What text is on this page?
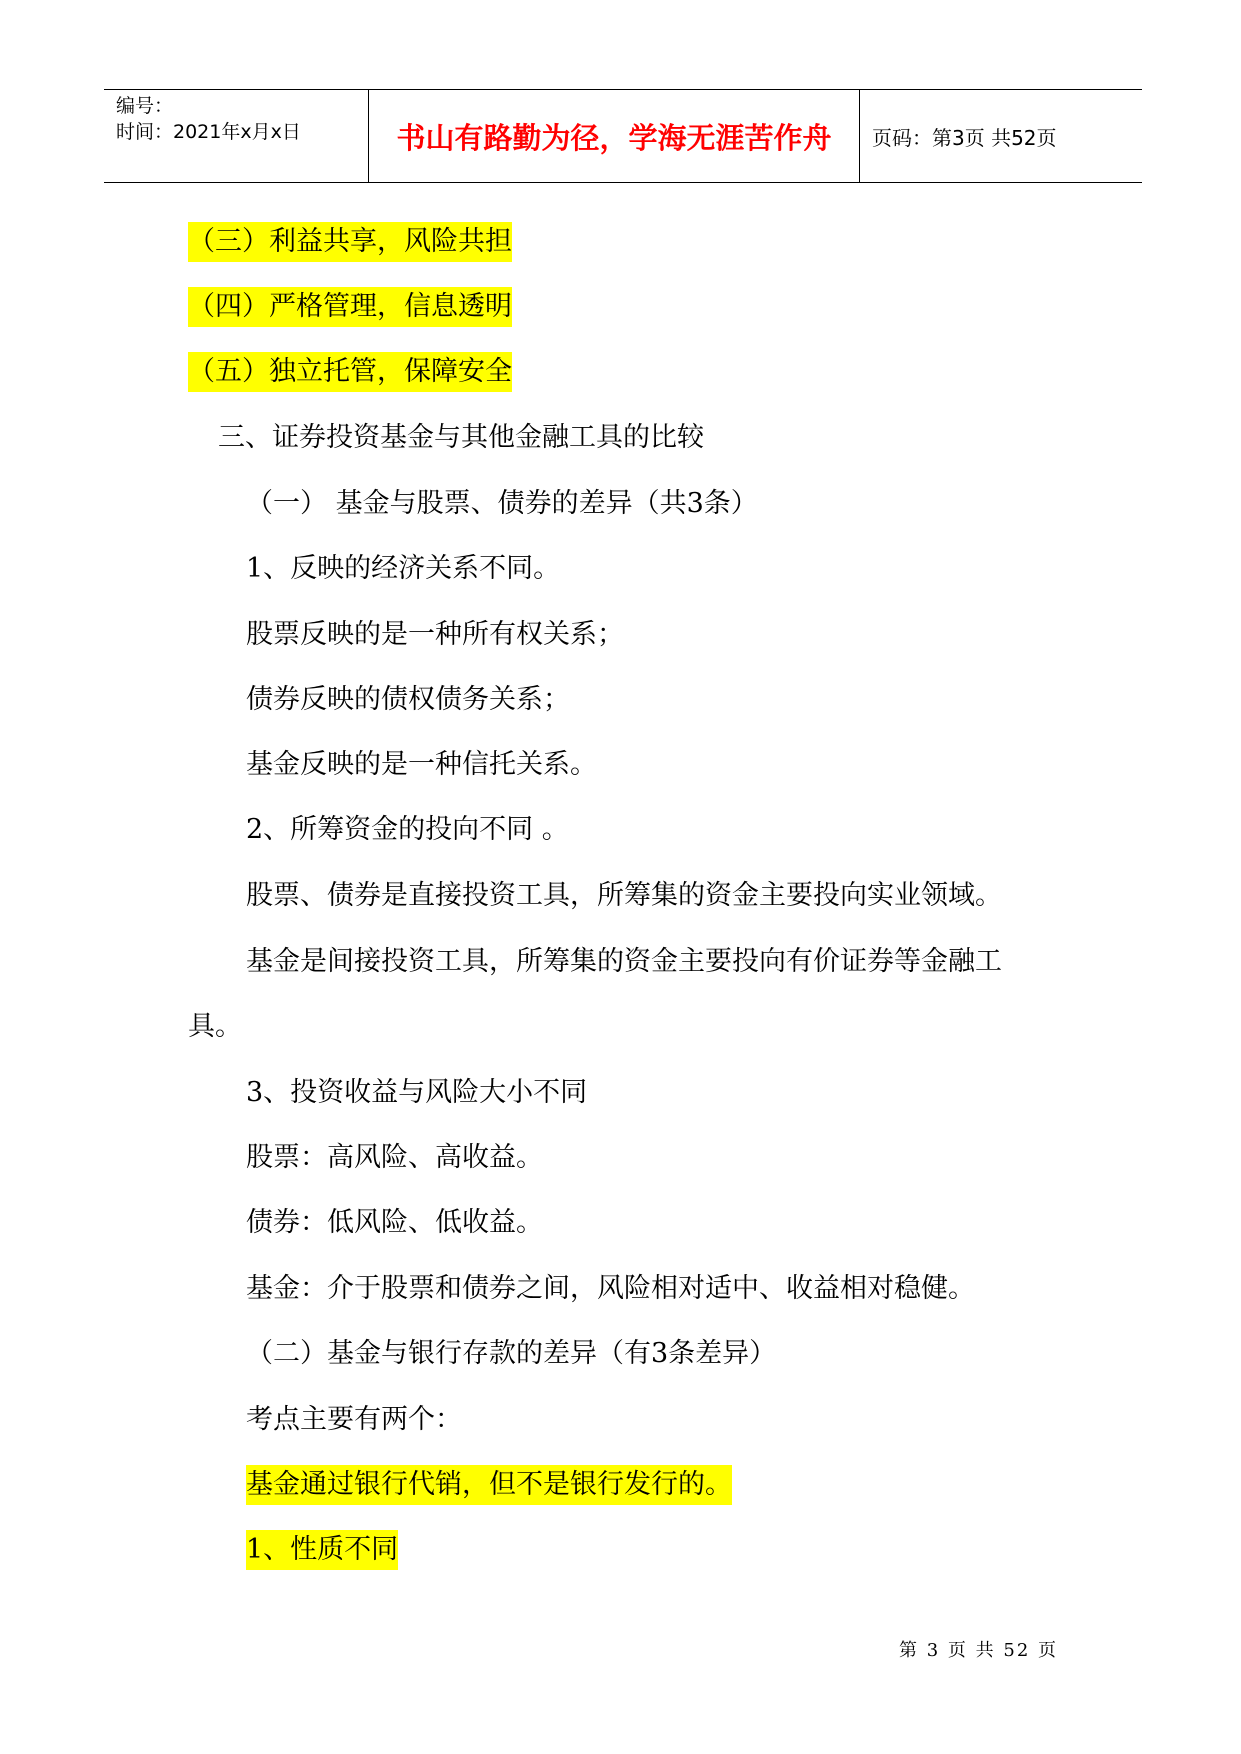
编号：
时间：2021年x月x日	书山有路勤为径，学海无涯苦作舟	页码：第3页 共52页
（三）利益共享，风险共担
（四）严格管理，信息透明
（五）独立托管，保障安全
三、证券投资基金与其他金融工具的比较
（一） 基金与股票、债券的差异（共3条）
1、反映的经济关系不同。
股票反映的是一种所有权关系；
债券反映的债权债务关系；
基金反映的是一种信托关系。
2、所筹资金的投向不同 。
股票、债券是直接投资工具，所筹集的资金主要投向实业领域。
基金是间接投资工具，所筹集的资金主要投向有价证券等金融工
具。
3、投资收益与风险大小不同
股票：高风险、高收益。
债券：低风险、低收益。
基金：介于股票和债券之间，风险相对适中、收益相对稳健。
（二）基金与银行存款的差异（有3条差异）
考点主要有两个：
基金通过银行代销，但不是银行发行的。
1、性质不同
第 3 页 共 52 页
